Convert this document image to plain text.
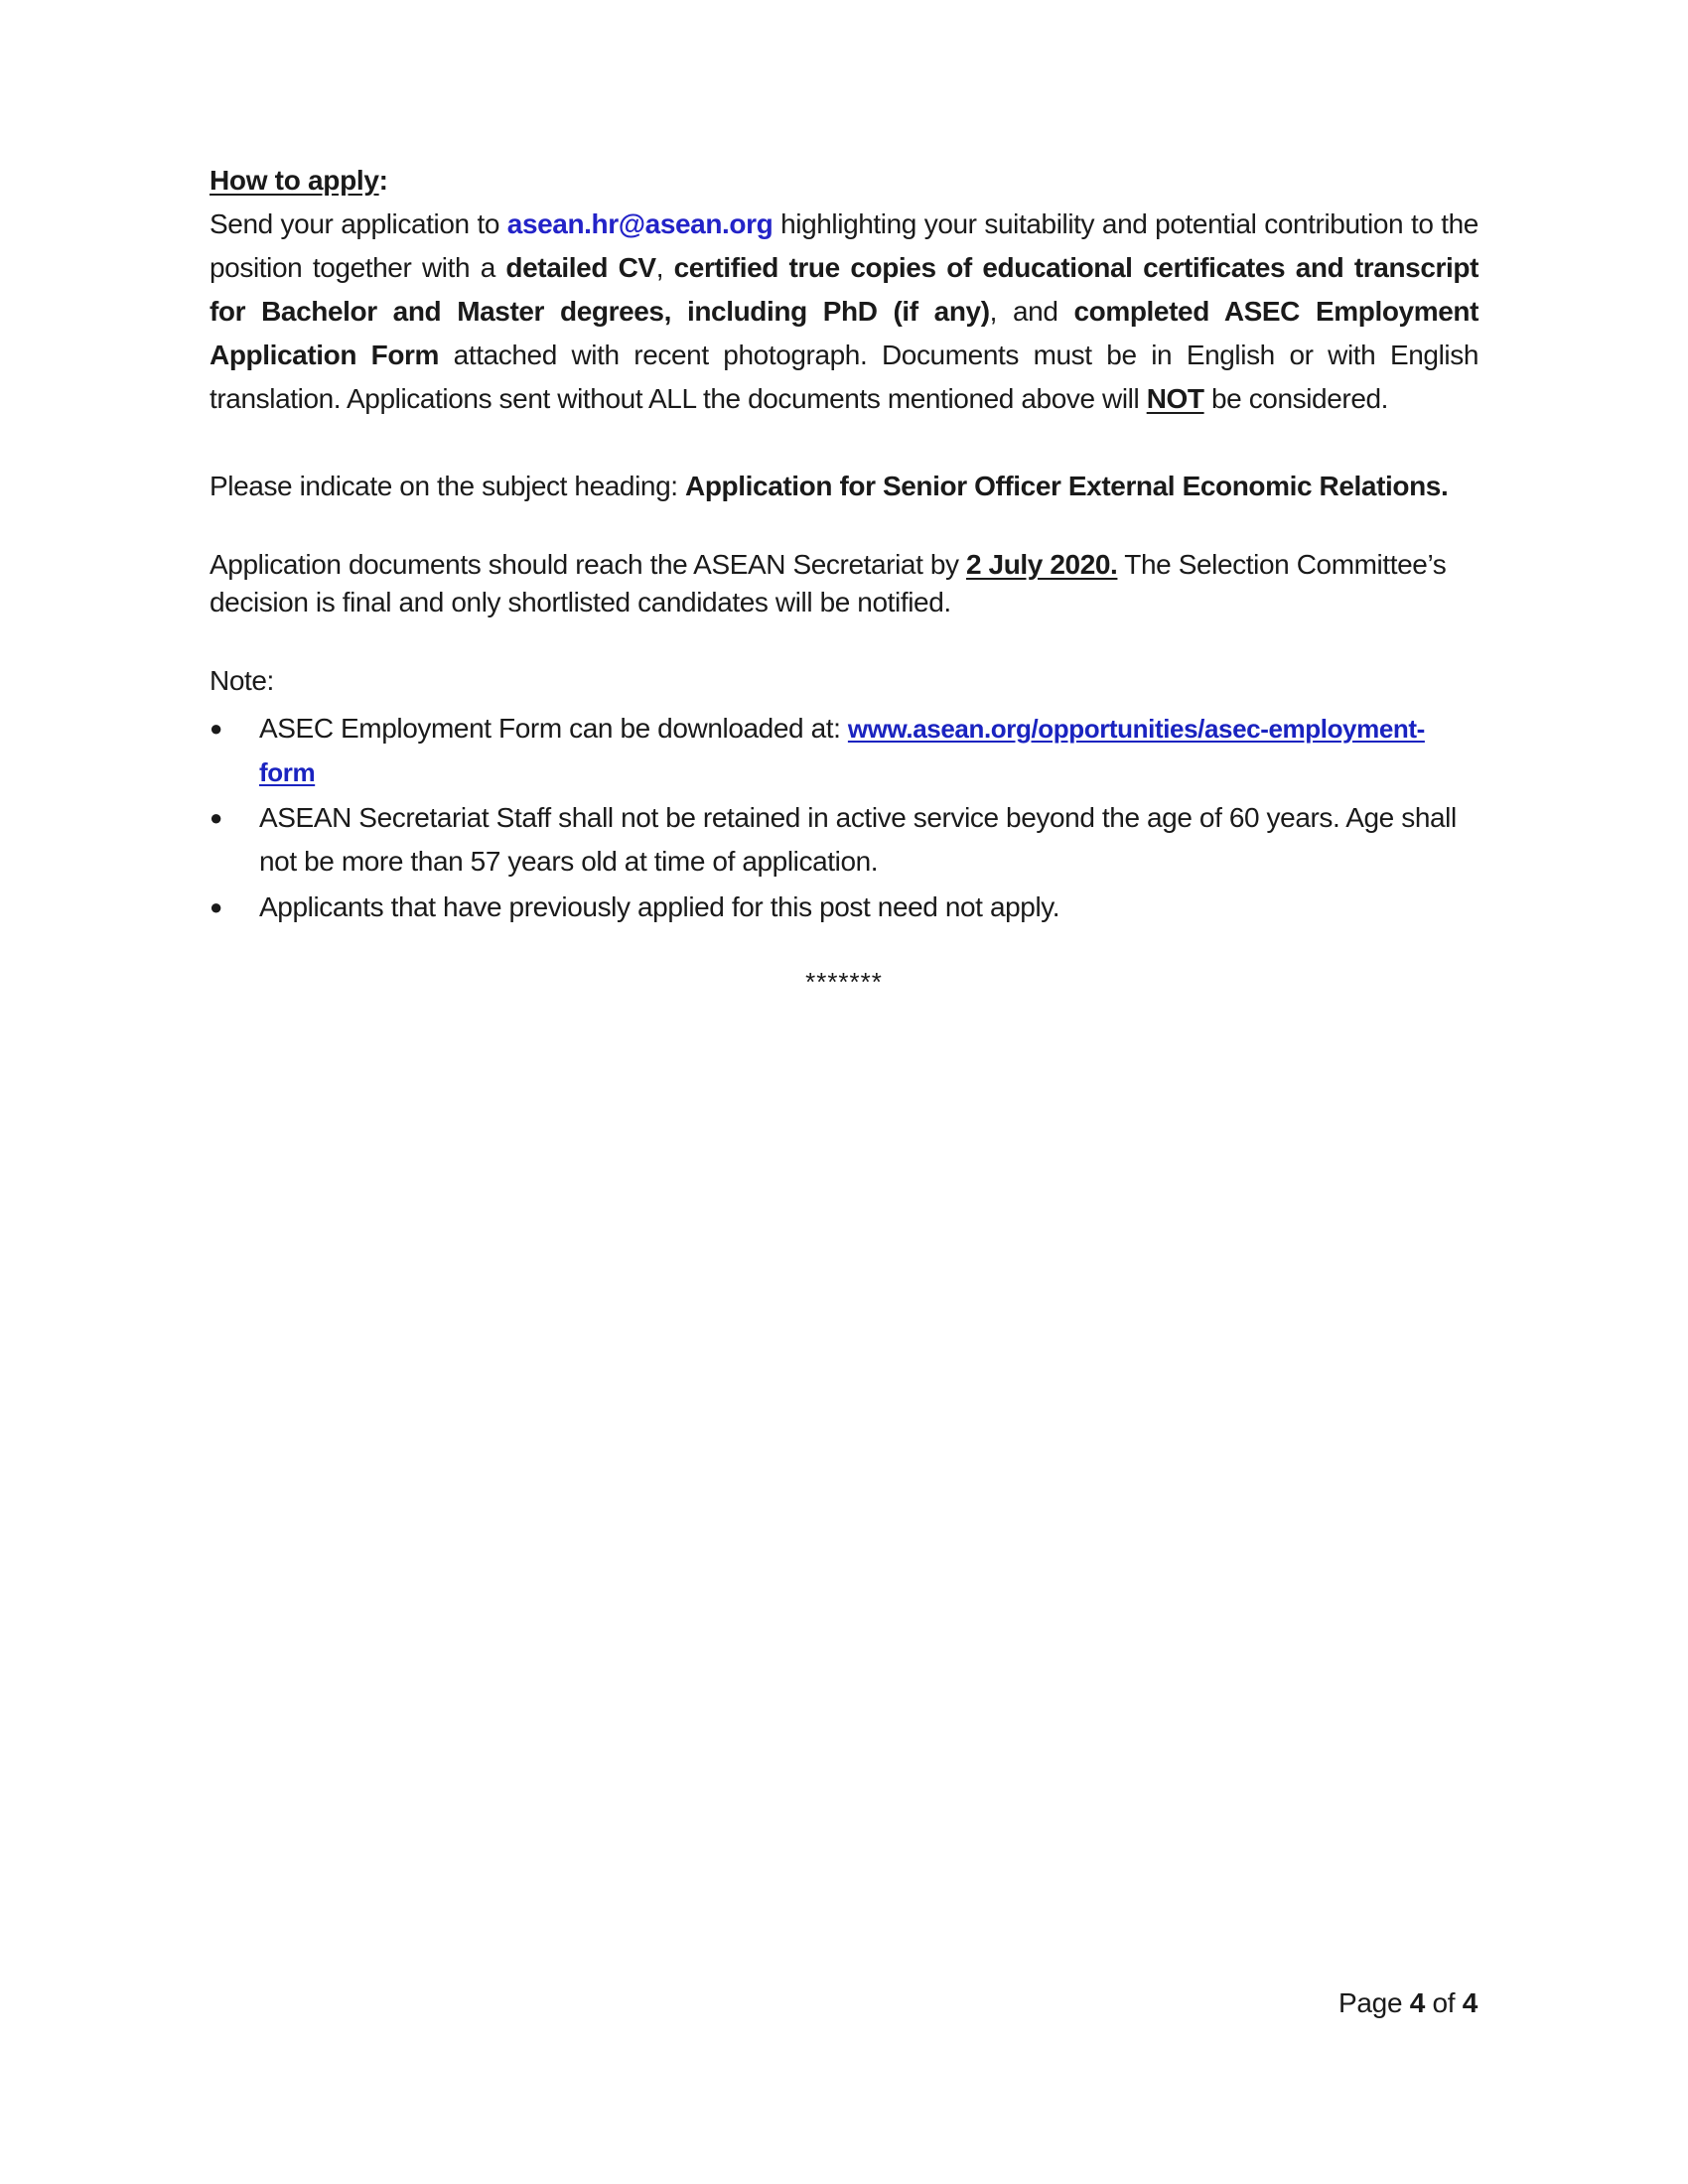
How to apply:

Send your application to asean.hr@asean.org highlighting your suitability and potential contribution to the position together with a detailed CV, certified true copies of educational certificates and transcript for Bachelor and Master degrees, including PhD (if any), and completed ASEC Employment Application Form attached with recent photograph. Documents must be in English or with English translation. Applications sent without ALL the documents mentioned above will NOT be considered.

Please indicate on the subject heading: Application for Senior Officer External Economic Relations.

Application documents should reach the ASEAN Secretariat by 2 July 2020. The Selection Committee’s decision is final and only shortlisted candidates will be notified.

Note:

● ASEC Employment Form can be downloaded at: www.asean.org/opportunities/asec-employment-form
● ASEAN Secretariat Staff shall not be retained in active service beyond the age of 60 years. Age shall not be more than 57 years old at time of application.
● Applicants that have previously applied for this post need not apply.
*******
Page 4 of 4
